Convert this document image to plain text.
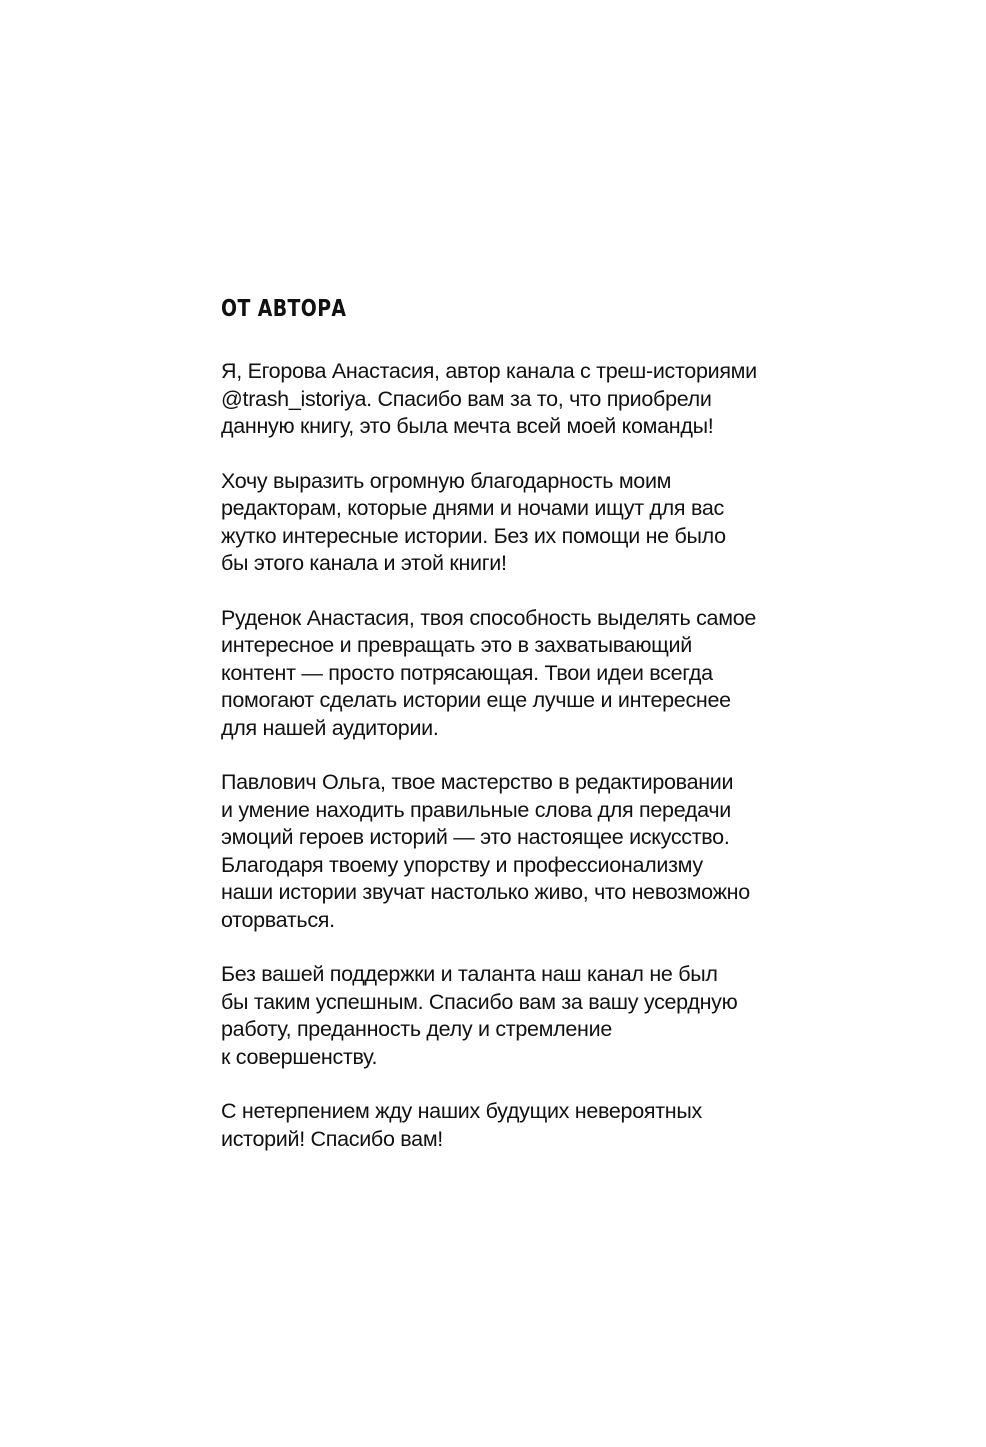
ОТ АВТОРА
Я, Егорова Анастасия, автор канала с треш-историями
@trash_istoriya. Спасибо вам за то, что приобрели
данную книгу, это была мечта всей моей команды!
Хочу выразить огромную благодарность моим
редакторам, которые днями и ночами ищут для вас
жутко интересные истории. Без их помощи не было
бы этого канала и этой книги!
Руденок Анастасия, твоя способность выделять самое
интересное и превращать это в захватывающий
контент — просто потрясающая. Твои идеи всегда
помогают сделать истории еще лучше и интереснее
для нашей аудитории.
Павлович Ольга, твое мастерство в редактировании
и умение находить правильные слова для передачи
эмоций героев историй — это настоящее искусство.
Благодаря твоему упорству и профессионализму
наши истории звучат настолько живо, что невозможно
оторваться.
Без вашей поддержки и таланта наш канал не был
бы таким успешным. Спасибо вам за вашу усердную
работу, преданность делу и стремление
к совершенству.
С нетерпением жду наших будущих невероятных
историй! Спасибо вам!
